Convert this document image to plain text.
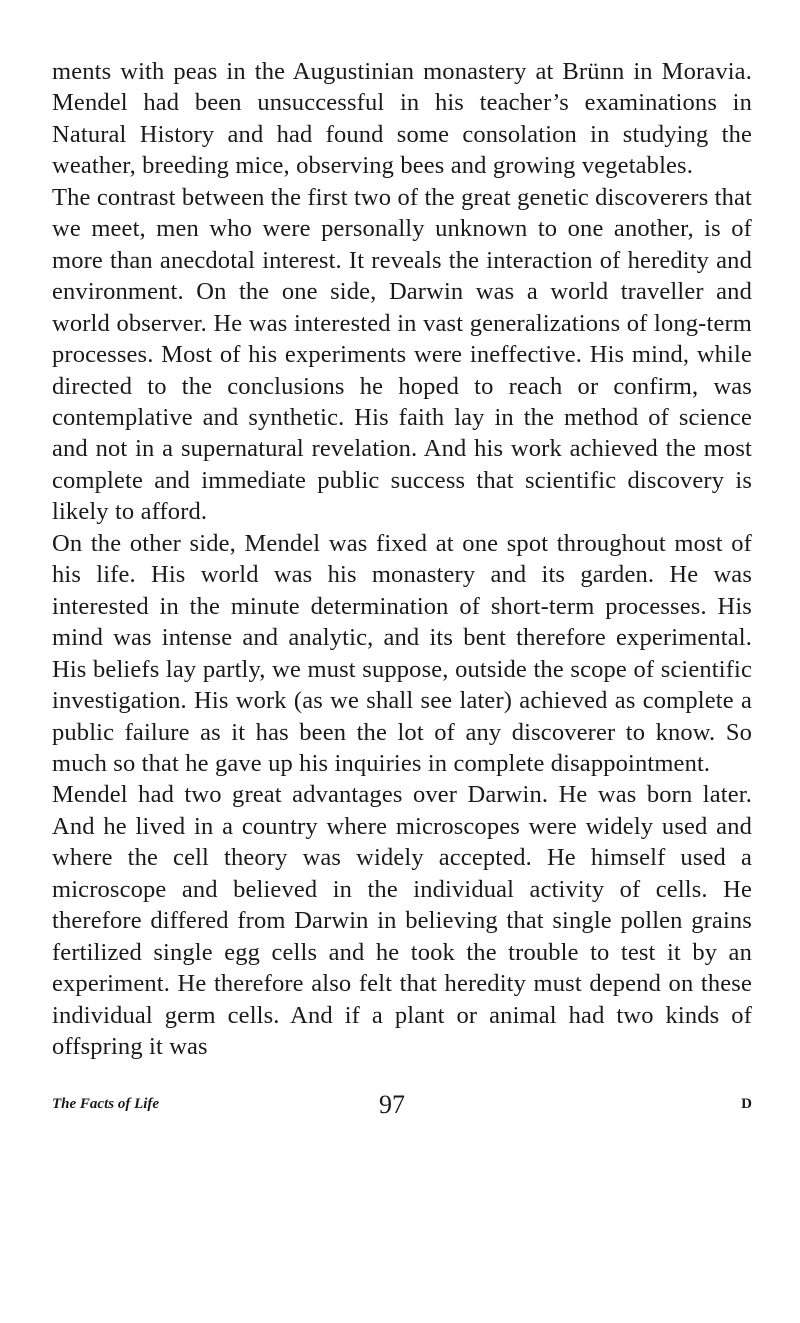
ments with peas in the Augustinian monastery at Brünn in Moravia. Mendel had been unsuccessful in his teacher’s examinations in Natural History and had found some consolation in studying the weather, breeding mice, observing bees and growing vegetables.

The contrast between the first two of the great genetic discoverers that we meet, men who were personally unknown to one another, is of more than anecdotal interest. It reveals the interaction of heredity and environment. On the one side, Darwin was a world traveller and world observer. He was interested in vast generalizations of long-term processes. Most of his experiments were ineffective. His mind, while directed to the conclusions he hoped to reach or confirm, was contemplative and synthetic. His faith lay in the method of science and not in a supernatural revelation. And his work achieved the most complete and immediate public success that scientific discovery is likely to afford.

On the other side, Mendel was fixed at one spot throughout most of his life. His world was his monastery and its garden. He was interested in the minute determination of short-term processes. His mind was intense and analytic, and its bent therefore experimental. His beliefs lay partly, we must suppose, outside the scope of scientific investigation. His work (as we shall see later) achieved as complete a public failure as it has been the lot of any discoverer to know. So much so that he gave up his inquiries in complete disappointment.

Mendel had two great advantages over Darwin. He was born later. And he lived in a country where microscopes were widely used and where the cell theory was widely accepted. He himself used a microscope and believed in the individual activity of cells. He therefore differed from Darwin in believing that single pollen grains fertilized single egg cells and he took the trouble to test it by an experiment. He therefore also felt that heredity must depend on these individual germ cells. And if a plant or animal had two kinds of offspring it was

The Facts of Life	97	D
